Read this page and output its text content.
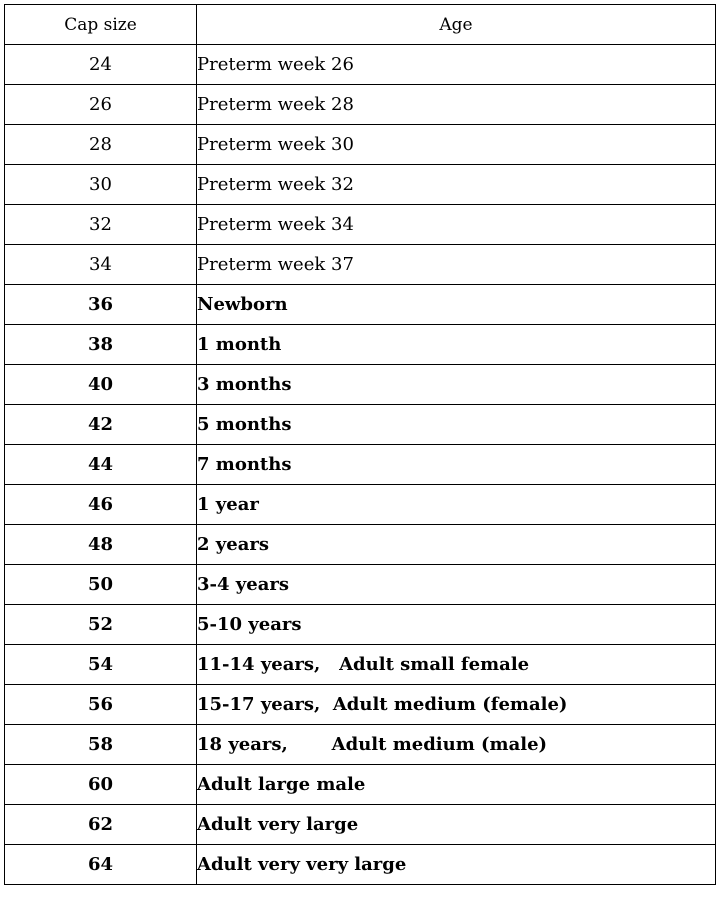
Cap size	Age
24	Preterm week 26
26	Preterm week 28
28	Preterm week 30
30	Preterm week 32
32	Preterm week 34
34	Preterm week 37
36	Newborn
38	1 month
40	3 months
42	5 months
44	7 months
46	1 year
48	2 years
50	3-4 years
52	5-10 years
54	11-14 years,   Adult small female
56	15-17 years,  Adult medium (female)
58	18 years,       Adult medium (male)
60	Adult large male
62	Adult very large
64	Adult very very large
